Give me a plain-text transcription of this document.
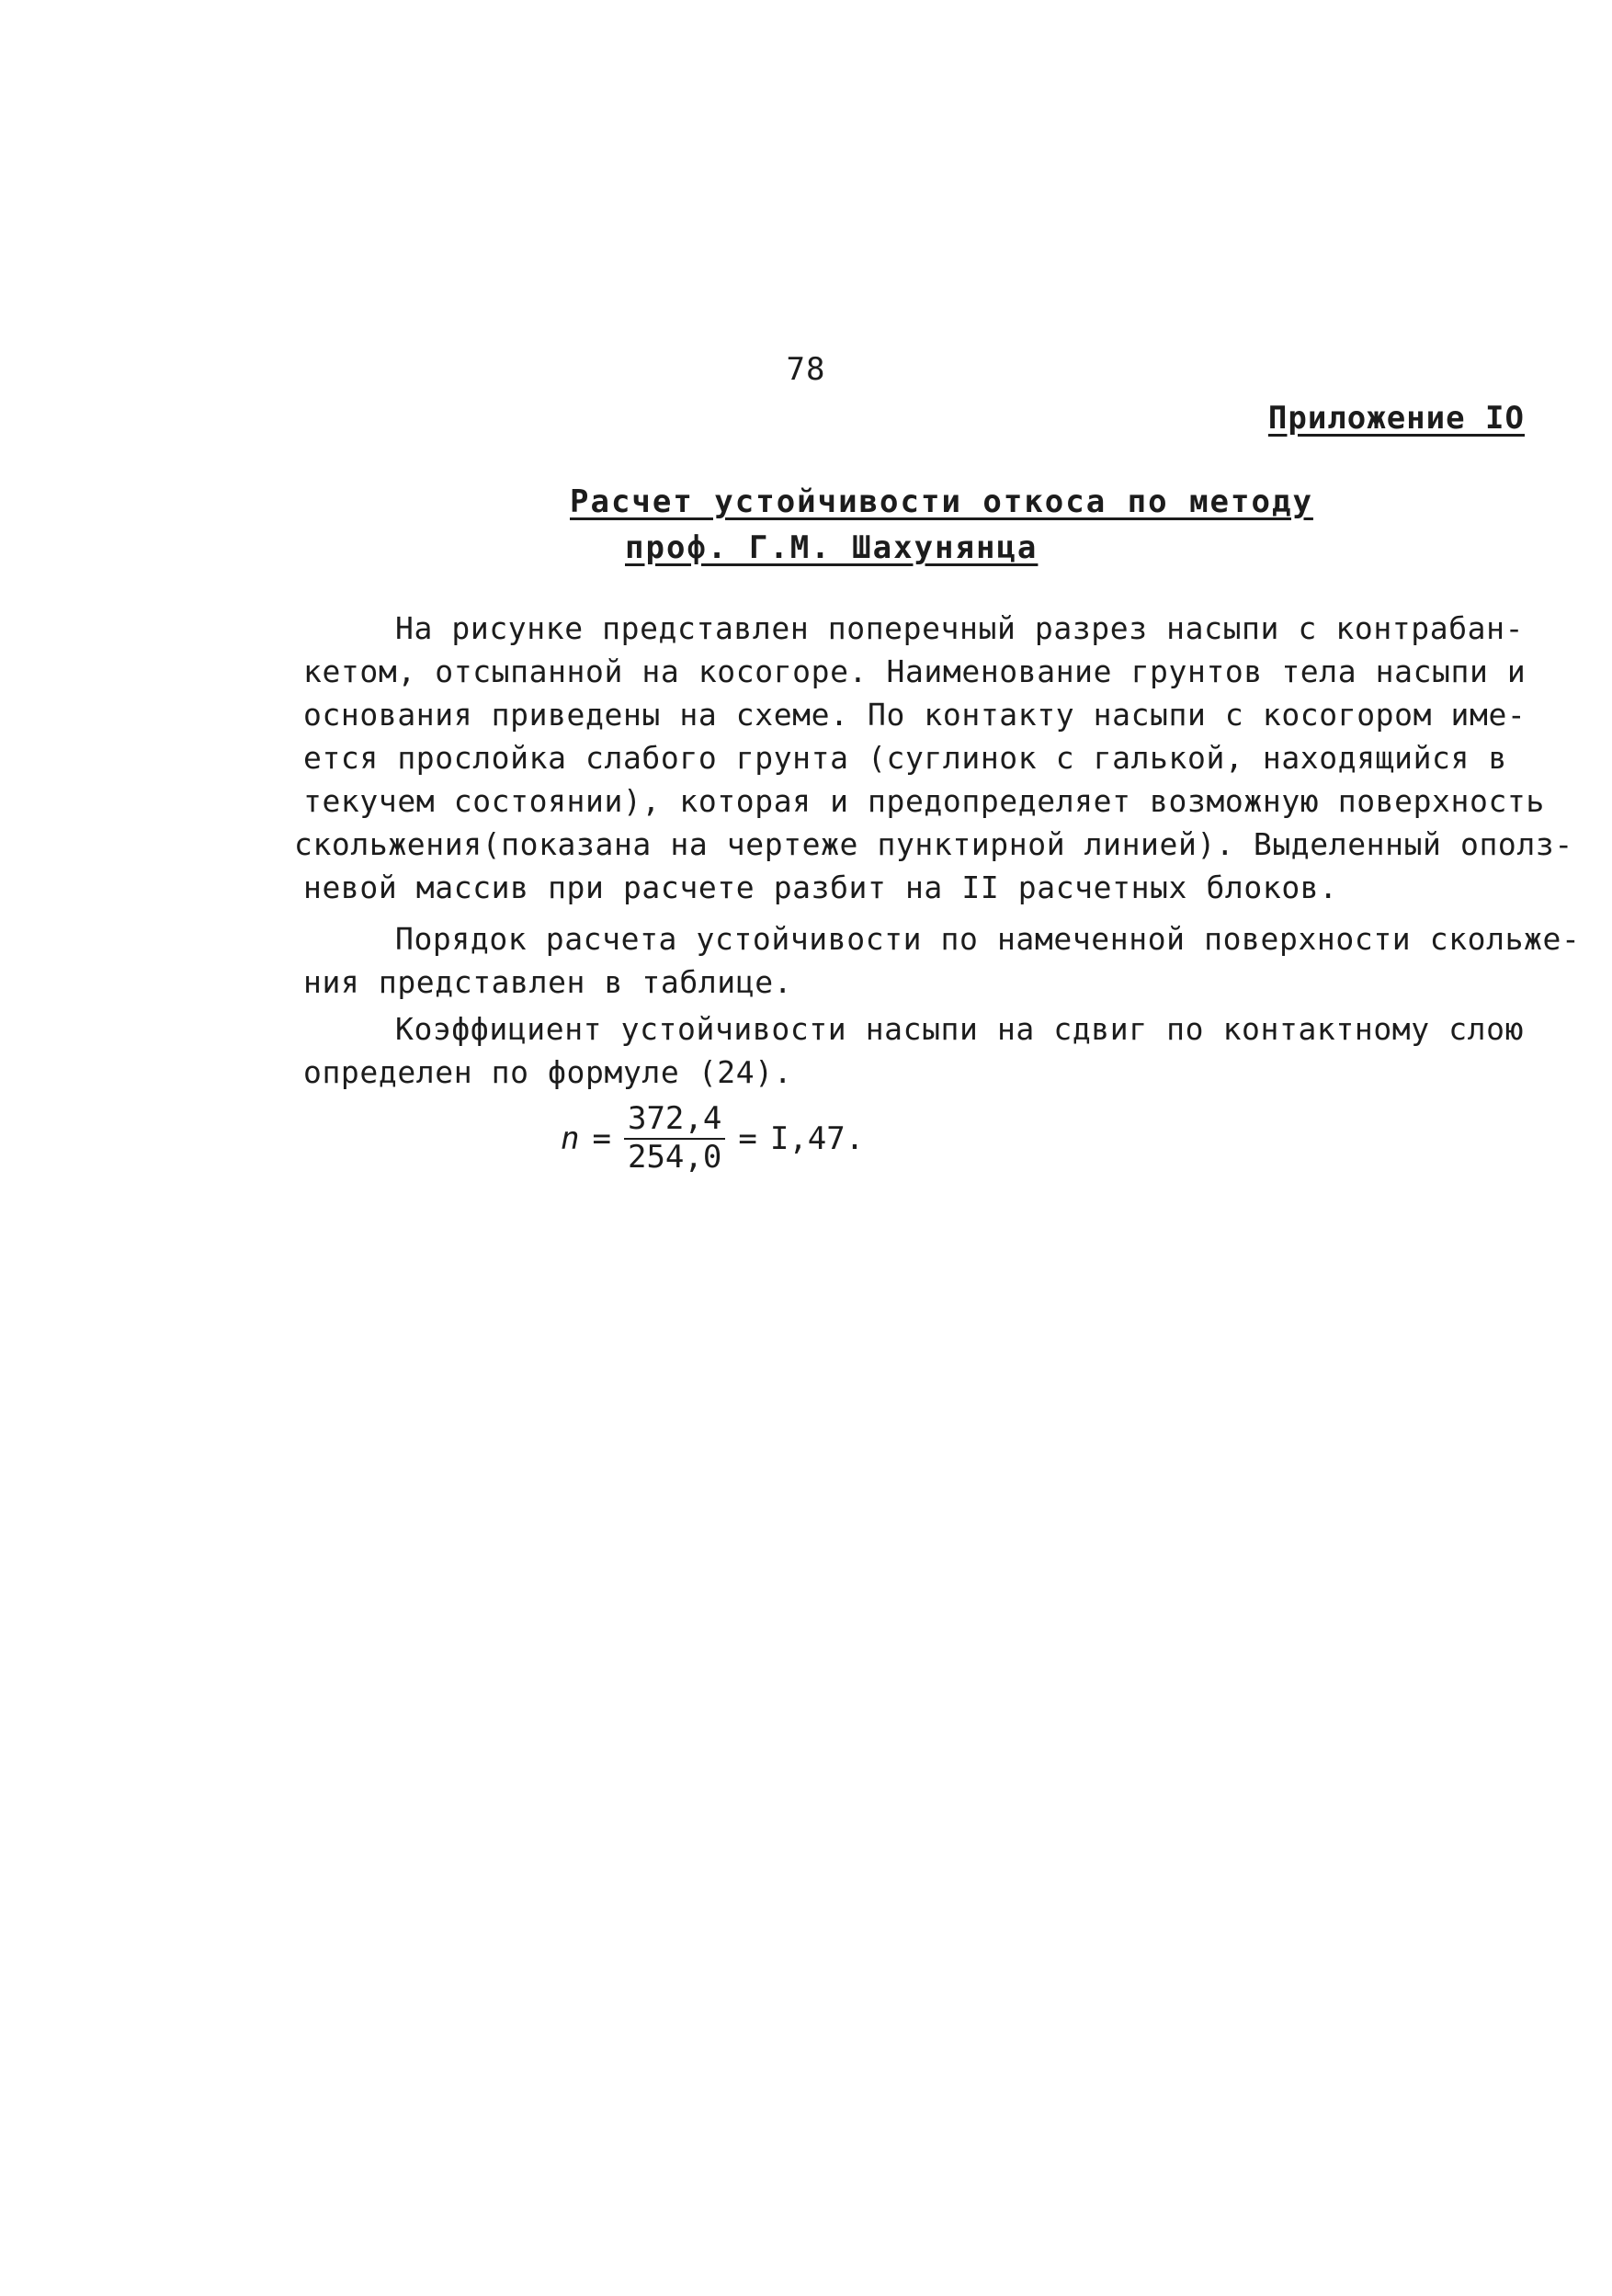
78
Приложение IO
Расчет устойчивости откоса по методу
проф. Г.М. Шахунянца
На рисунке представлен поперечный разрез насыпи с контрабан-
кетом, отсыпанной на косогоре. Наименование грунтов тела насыпи и
основания приведены на схеме. По контакту насыпи с косогором име-
ется прослойка слабого грунта (суглинок с галькой, находящийся в
текучем состоянии), которая и предопределяет возможную поверхность
скольжения(показана на чертеже пунктирной линией). Выделенный ополз-
невой массив при расчете разбит на II расчетных блоков.
Порядок расчета устойчивости по намеченной поверхности скольже-
ния представлен в таблице.
Коэффициент устойчивости насыпи на сдвиг по контактному слою
определен по формуле (24).
$n = \frac{372,4}{254,0} = I,47$.
